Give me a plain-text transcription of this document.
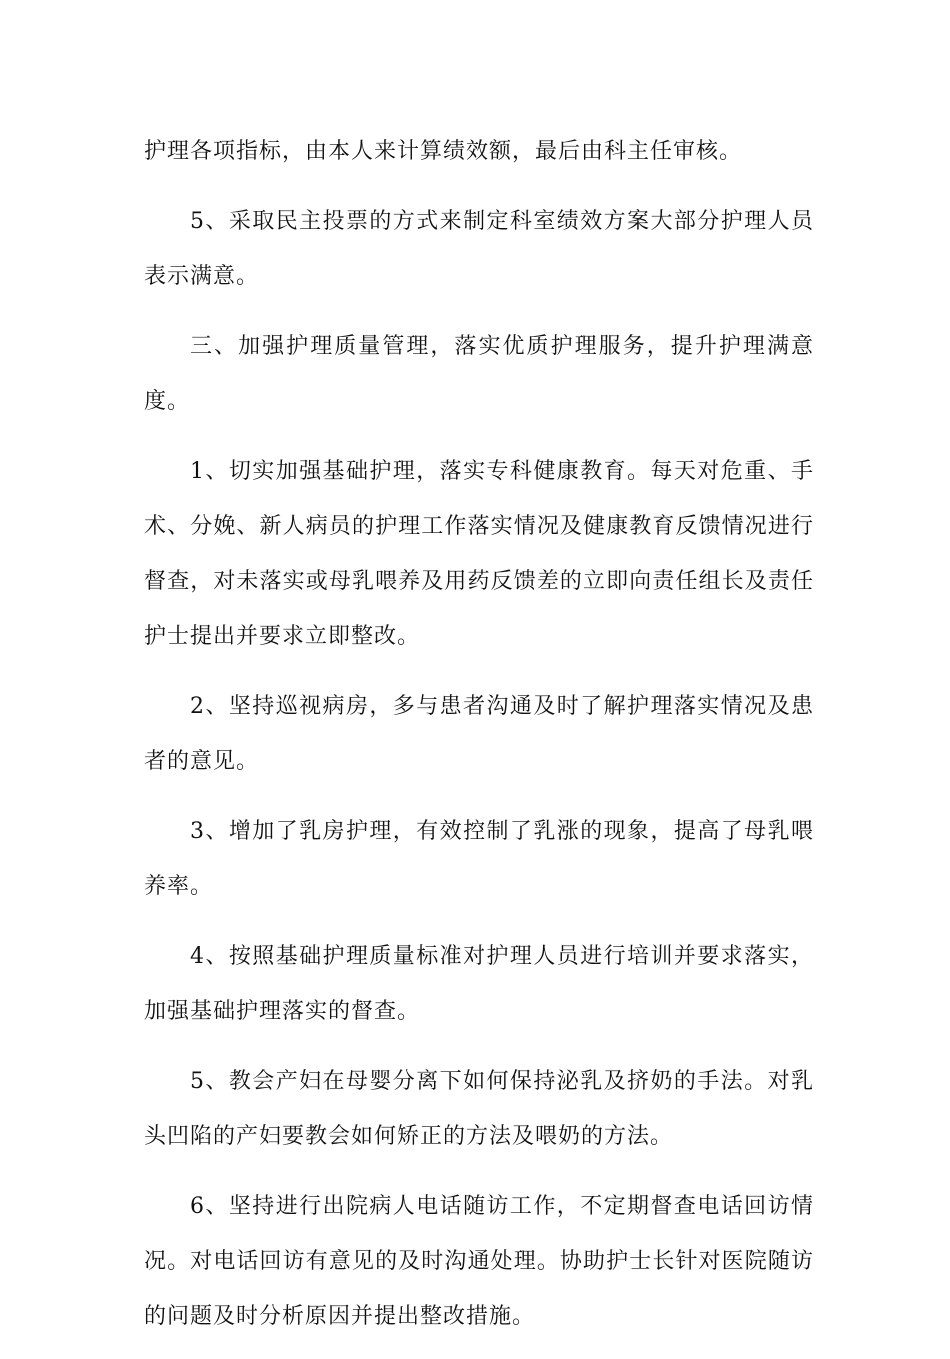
护理各项指标，由本人来计算绩效额，最后由科主任审核。

5、采取民主投票的方式来制定科室绩效方案大部分护理人员表示满意。

三、加强护理质量管理，落实优质护理服务，提升护理满意度。

1、切实加强基础护理，落实专科健康教育。每天对危重、手术、分娩、新人病员的护理工作落实情况及健康教育反馈情况进行督查，对未落实或母乳喂养及用药反馈差的立即向责任组长及责任护士提出并要求立即整改。

2、坚持巡视病房，多与患者沟通及时了解护理落实情况及患者的意见。

3、增加了乳房护理，有效控制了乳涨的现象，提高了母乳喂养率。

4、按照基础护理质量标准对护理人员进行培训并要求落实，加强基础护理落实的督查。

5、教会产妇在母婴分离下如何保持泌乳及挤奶的手法。对乳头凹陷的产妇要教会如何矫正的方法及喂奶的方法。

6、坚持进行出院病人电话随访工作，不定期督查电话回访情况。对电话回访有意见的及时沟通处理。协助护士长针对医院随访的问题及时分析原因并提出整改措施。
